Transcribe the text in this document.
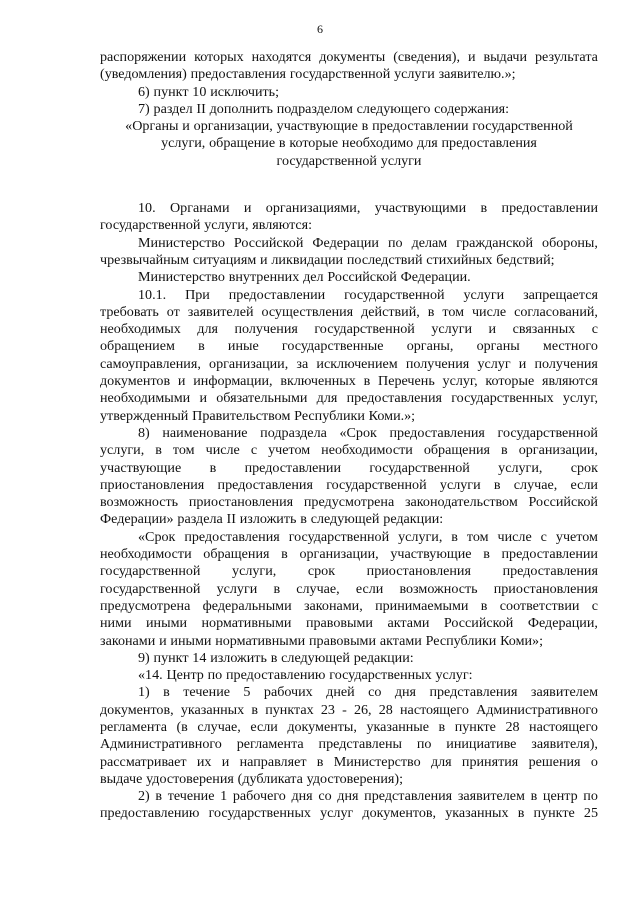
6
распоряжении которых находятся документы (сведения), и выдачи результата
(уведомления) предоставления государственной услуги заявителю.»;
6) пункт 10 исключить;
7) раздел II дополнить подразделом следующего содержания:
«Органы и организации, участвующие в предоставлении государственной
услуги, обращение в которые необходимо для предоставления
государственной услуги
10. Органами и организациями, участвующими в предоставлении
государственной услуги, являются:
Министерство Российской Федерации по делам гражданской обороны,
чрезвычайным ситуациям и ликвидации последствий стихийных бедствий;
Министерство внутренних дел Российской Федерации.
10.1. При предоставлении государственной услуги запрещается
требовать от заявителей осуществления действий, в том числе согласований,
необходимых для получения государственной услуги и связанных с
обращением в иные государственные органы, органы местного
самоуправления, организации, за исключением получения услуг и получения
документов и информации, включенных в Перечень услуг, которые являются
необходимыми и обязательными для предоставления государственных услуг,
утвержденный Правительством Республики Коми.»;
8) наименование подраздела «Срок предоставления государственной
услуги, в том числе с учетом необходимости обращения в организации,
участвующие в предоставлении государственной услуги, срок
приостановления предоставления государственной услуги в случае, если
возможность приостановления предусмотрена законодательством Российской
Федерации» раздела II изложить в следующей редакции:
«Срок предоставления государственной услуги, в том числе с учетом
необходимости обращения в организации, участвующие в предоставлении
государственной услуги, срок приостановления предоставления
государственной услуги в случае, если возможность приостановления
предусмотрена федеральными законами, принимаемыми в соответствии с
ними иными нормативными правовыми актами Российской Федерации,
законами и иными нормативными правовыми актами Республики Коми»;
9) пункт 14 изложить в следующей редакции:
«14. Центр по предоставлению государственных услуг:
1) в течение 5 рабочих дней со дня представления заявителем
документов, указанных в пунктах 23 - 26, 28 настоящего Административного
регламента (в случае, если документы, указанные в пункте 28 настоящего
Административного регламента представлены по инициативе заявителя),
рассматривает их и направляет в Министерство для принятия решения о
выдаче удостоверения (дубликата удостоверения);
2) в течение 1 рабочего дня со дня представления заявителем в центр по
предоставлению государственных услуг документов, указанных в пункте 25
